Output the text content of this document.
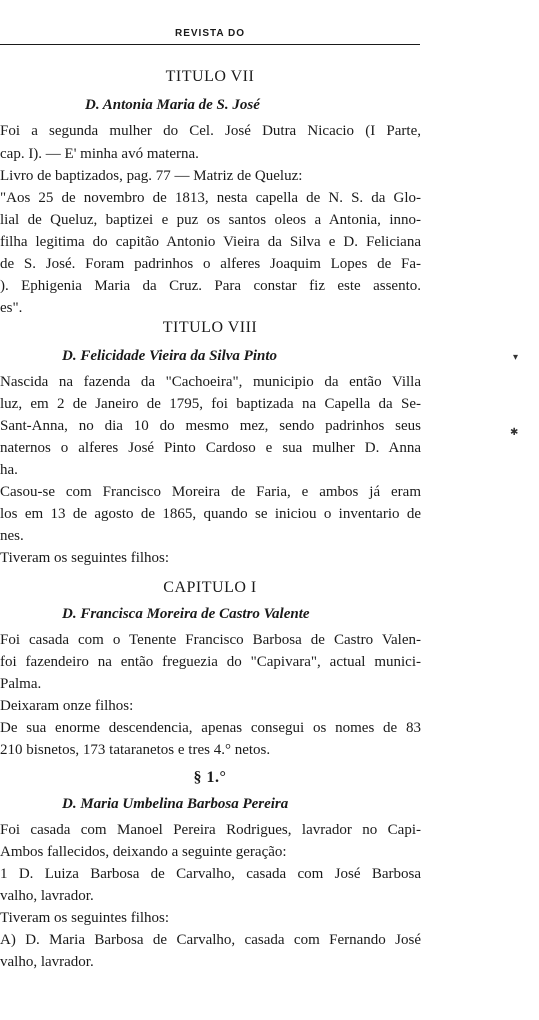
REVISTA DO
TITULO VII
D. Antonia Maria de S. José
Foi a segunda mulher do Cel. José Dutra Nicacio (I Parte,
cap. I). — E' minha avó materna.
Livro de baptizados, pag. 77 — Matriz de Queluz:
"Aos 25 de novembro de 1813, nesta capella de N. S. da Glo-
lial de Queluz, baptizei e puz os santos oleos a Antonia, inno-
filha legitima do capitão Antonio Vieira da Silva e D. Feliciana
de S. José. Foram padrinhos o alferes Joaquim Lopes de Fa-
). Ephigenia Maria da Cruz. Para constar fiz este assento.
es".
TITULO VIII
D. Felicidade Vieira da Silva Pinto
Nascida na fazenda da "Cachoeira", municipio da então Villa
luz, em 2 de Janeiro de 1795, foi baptizada na Capella da Se-
Sant-Anna, no dia 10 do mesmo mez, sendo padrinhos seus
naternos o alferes José Pinto Cardoso e sua mulher D. Anna
ha.
Casou-se com Francisco Moreira de Faria, e ambos já eram
los em 13 de agosto de 1865, quando se iniciou o inventario de
nes.
Tiveram os seguintes filhos:
CAPITULO I
D. Francisca Moreira de Castro Valente
Foi casada com o Tenente Francisco Barbosa de Castro Valen-
foi fazendeiro na então freguezia do "Capivara", actual munici-
Palma.
Deixaram onze filhos:
De sua enorme descendencia, apenas consegui os nomes de 83
210 bisnetos, 173 tataranetos e tres 4.° netos.
§ 1.°
D. Maria Umbelina Barbosa Pereira
Foi casada com Manoel Pereira Rodrigues, lavrador no Capi-
Ambos fallecidos, deixando a seguinte geração:
1 D. Luiza Barbosa de Carvalho, casada com José Barbosa
valho, lavrador.
Tiveram os seguintes filhos:
A) D. Maria Barbosa de Carvalho, casada com Fernando José
valho, lavrador.
▾
✱
